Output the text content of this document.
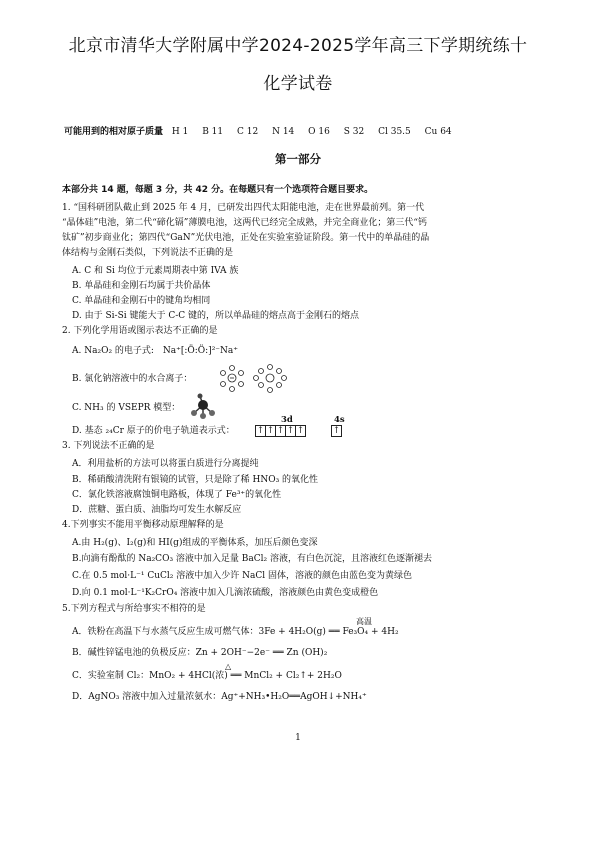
北京市清华大学附属中学2024-2025学年高三下学期统练十
化学试卷
可能用到的相对原子质量 H 1 B 11 C 12 N 14 O 16 S 32 Cl 35.5 Cu 64
第一部分
本部分共 14 题，每题 3 分，共 42 分。在每题只有一个选项符合题目要求。
1. “国科研团队截止到 2025 年 4 月，已研发出四代太阳能电池，走在世界最前列。第一代
“晶体硅”电池，第二代“碲化镉”薄膜电池，这两代已经完全成熟，并完全商业化；第三代“钙
钛矿”初步商业化；第四代“GaN”光伏电池，正处在实验室验证阶段。第一代中的单晶硅的晶
体结构与金刚石类似，下列说法不正确的是
A. C 和 Si 均位于元素周期表中第 IVA 族
B. 单晶硅和金刚石均属于共价晶体
C. 单晶硅和金刚石中的键角均相同
D. 由于 Si-Si 键能大于 C-C 键的，所以单晶硅的熔点高于金刚石的熔点
2. 下列化学用语或图示表达不正确的是
A. Na₂O₂ 的电子式: Na⁺[:Ö:Ö:]²⁻Na⁺
B. 氯化钠溶液中的水合离子：
C. NH₃ 的 VSEPR 模型：
D. 基态 ₂₄Cr 原子的价电子轨道表示式：
3d	4s
↑ ↑ ↑ ↑ ↑	↑
3. 下列说法不正确的是
A．利用盐析的方法可以将蛋白质进行分离提纯
B．稀硝酸清洗附有银镜的试管，只是除了稀 HNO₃ 的氧化性
C．氯化铁溶液腐蚀铜电路板，体现了 Fe³⁺的氧化性
D．蔗糖、蛋白质、油脂均可发生水解反应
4.下列事实不能用平衡移动原理解释的是
A.由 H₂(g)、I₂(g)和 HI(g)组成的平衡体系，加压后颜色变深
B.向滴有酚酞的 Na₂CO₃ 溶液中加入足量 BaCl₂ 溶液，有白色沉淀，且溶液红色逐渐褪去
C.在 0.5 mol·L⁻¹ CuCl₂ 溶液中加入少许 NaCl 固体，溶液的颜色由蓝色变为黄绿色
D.向 0.1 mol·L⁻¹K₂CrO₄ 溶液中加入几滴浓硫酸，溶液颜色由黄色变成橙色
5.下列方程式与所给事实不相符的是
高温
A．铁粉在高温下与水蒸气反应生成可燃气体：3Fe + 4H₂O(g) ══ Fe₃O₄ + 4H₂
B．碱性锌锰电池的负极反应：Zn + 2OH⁻−2e⁻ ══ Zn (OH)₂
△
C．实验室制 Cl₂：MnO₂ + 4HCl(浓) ══ MnCl₂ + Cl₂↑+ 2H₂O
D．AgNO₃ 溶液中加入过量浓氨水：Ag⁺+NH₃•H₂O══AgOH↓+NH₄⁺
1
